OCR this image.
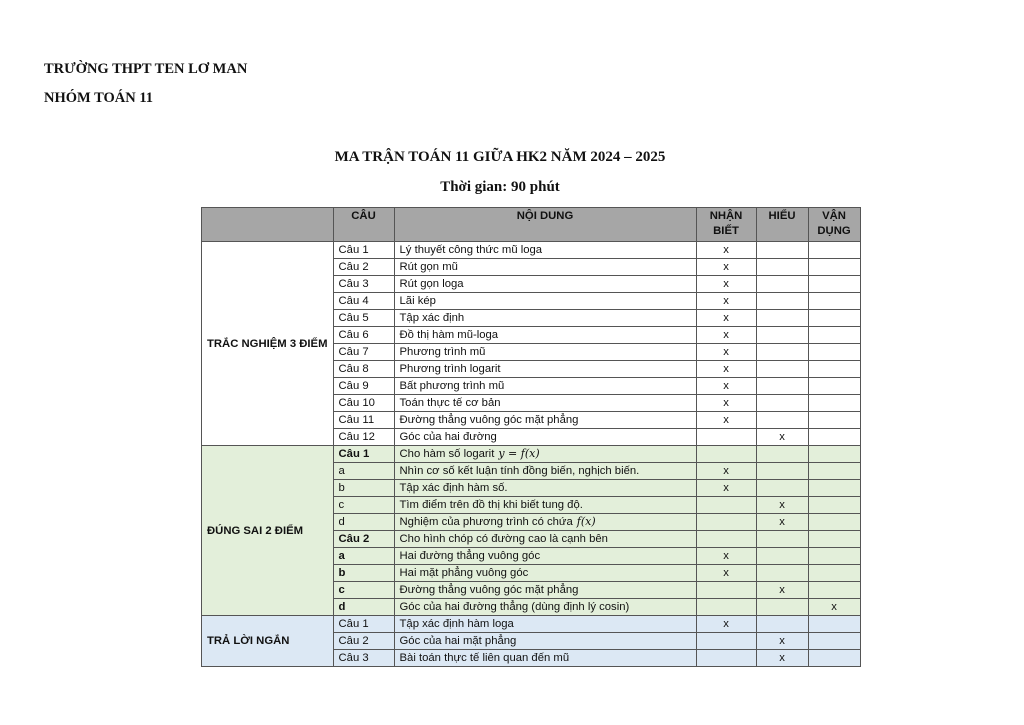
TRƯỜNG THPT TEN LƠ MAN
NHÓM TOÁN 11
MA TRẬN TOÁN 11 GIỮA HK2 NĂM 2024 – 2025
Thời gian: 90 phút
	CÂU	NỘI DUNG	NHẬN BIẾT	HIỂU	VẬN DỤNG
TRẮC NGHIỆM 3 ĐIỂM	Câu 1	Lý thuyết công thức mũ loga	x		
	Câu 2	Rút gọn mũ	x		
	Câu 3	Rút gọn loga	x		
	Câu 4	Lãi kép	x		
	Câu 5	Tập xác định	x		
	Câu 6	Đồ thị hàm mũ-loga	x		
	Câu 7	Phương trình mũ	x		
	Câu 8	Phương trình logarit	x		
	Câu 9	Bất phương trình mũ	x		
	Câu 10	Toán thực tế cơ bản	x		
	Câu 11	Đường thẳng vuông góc mặt phẳng	x		
	Câu 12	Góc của hai đường		x	
ĐÚNG SAI 2 ĐIỂM	Câu 1	Cho hàm số logarit y = f(x)			
	a	Nhìn cơ số kết luận tính đồng biến, nghịch biến.	x		
	b	Tập xác định hàm số.	x		
	c	Tìm điểm trên đồ thị khi biết tung độ.		x	
	d	Nghiệm của phương trình có chứa f(x)		x	
	Câu 2	Cho hình chóp có đường cao là cạnh bên			
	a	Hai đường thẳng vuông góc	x		
	b	Hai mặt phẳng vuông góc	x		
	c	Đường thẳng vuông góc mặt phẳng		x	
	d	Góc của hai đường thẳng (dùng định lý cosin)			x
TRẢ LỜI NGẮN	Câu 1	Tập xác định hàm loga	x		
	Câu 2	Góc của hai mặt phẳng		x	
	Câu 3	Bài toán thực tế liên quan đến mũ		x	
